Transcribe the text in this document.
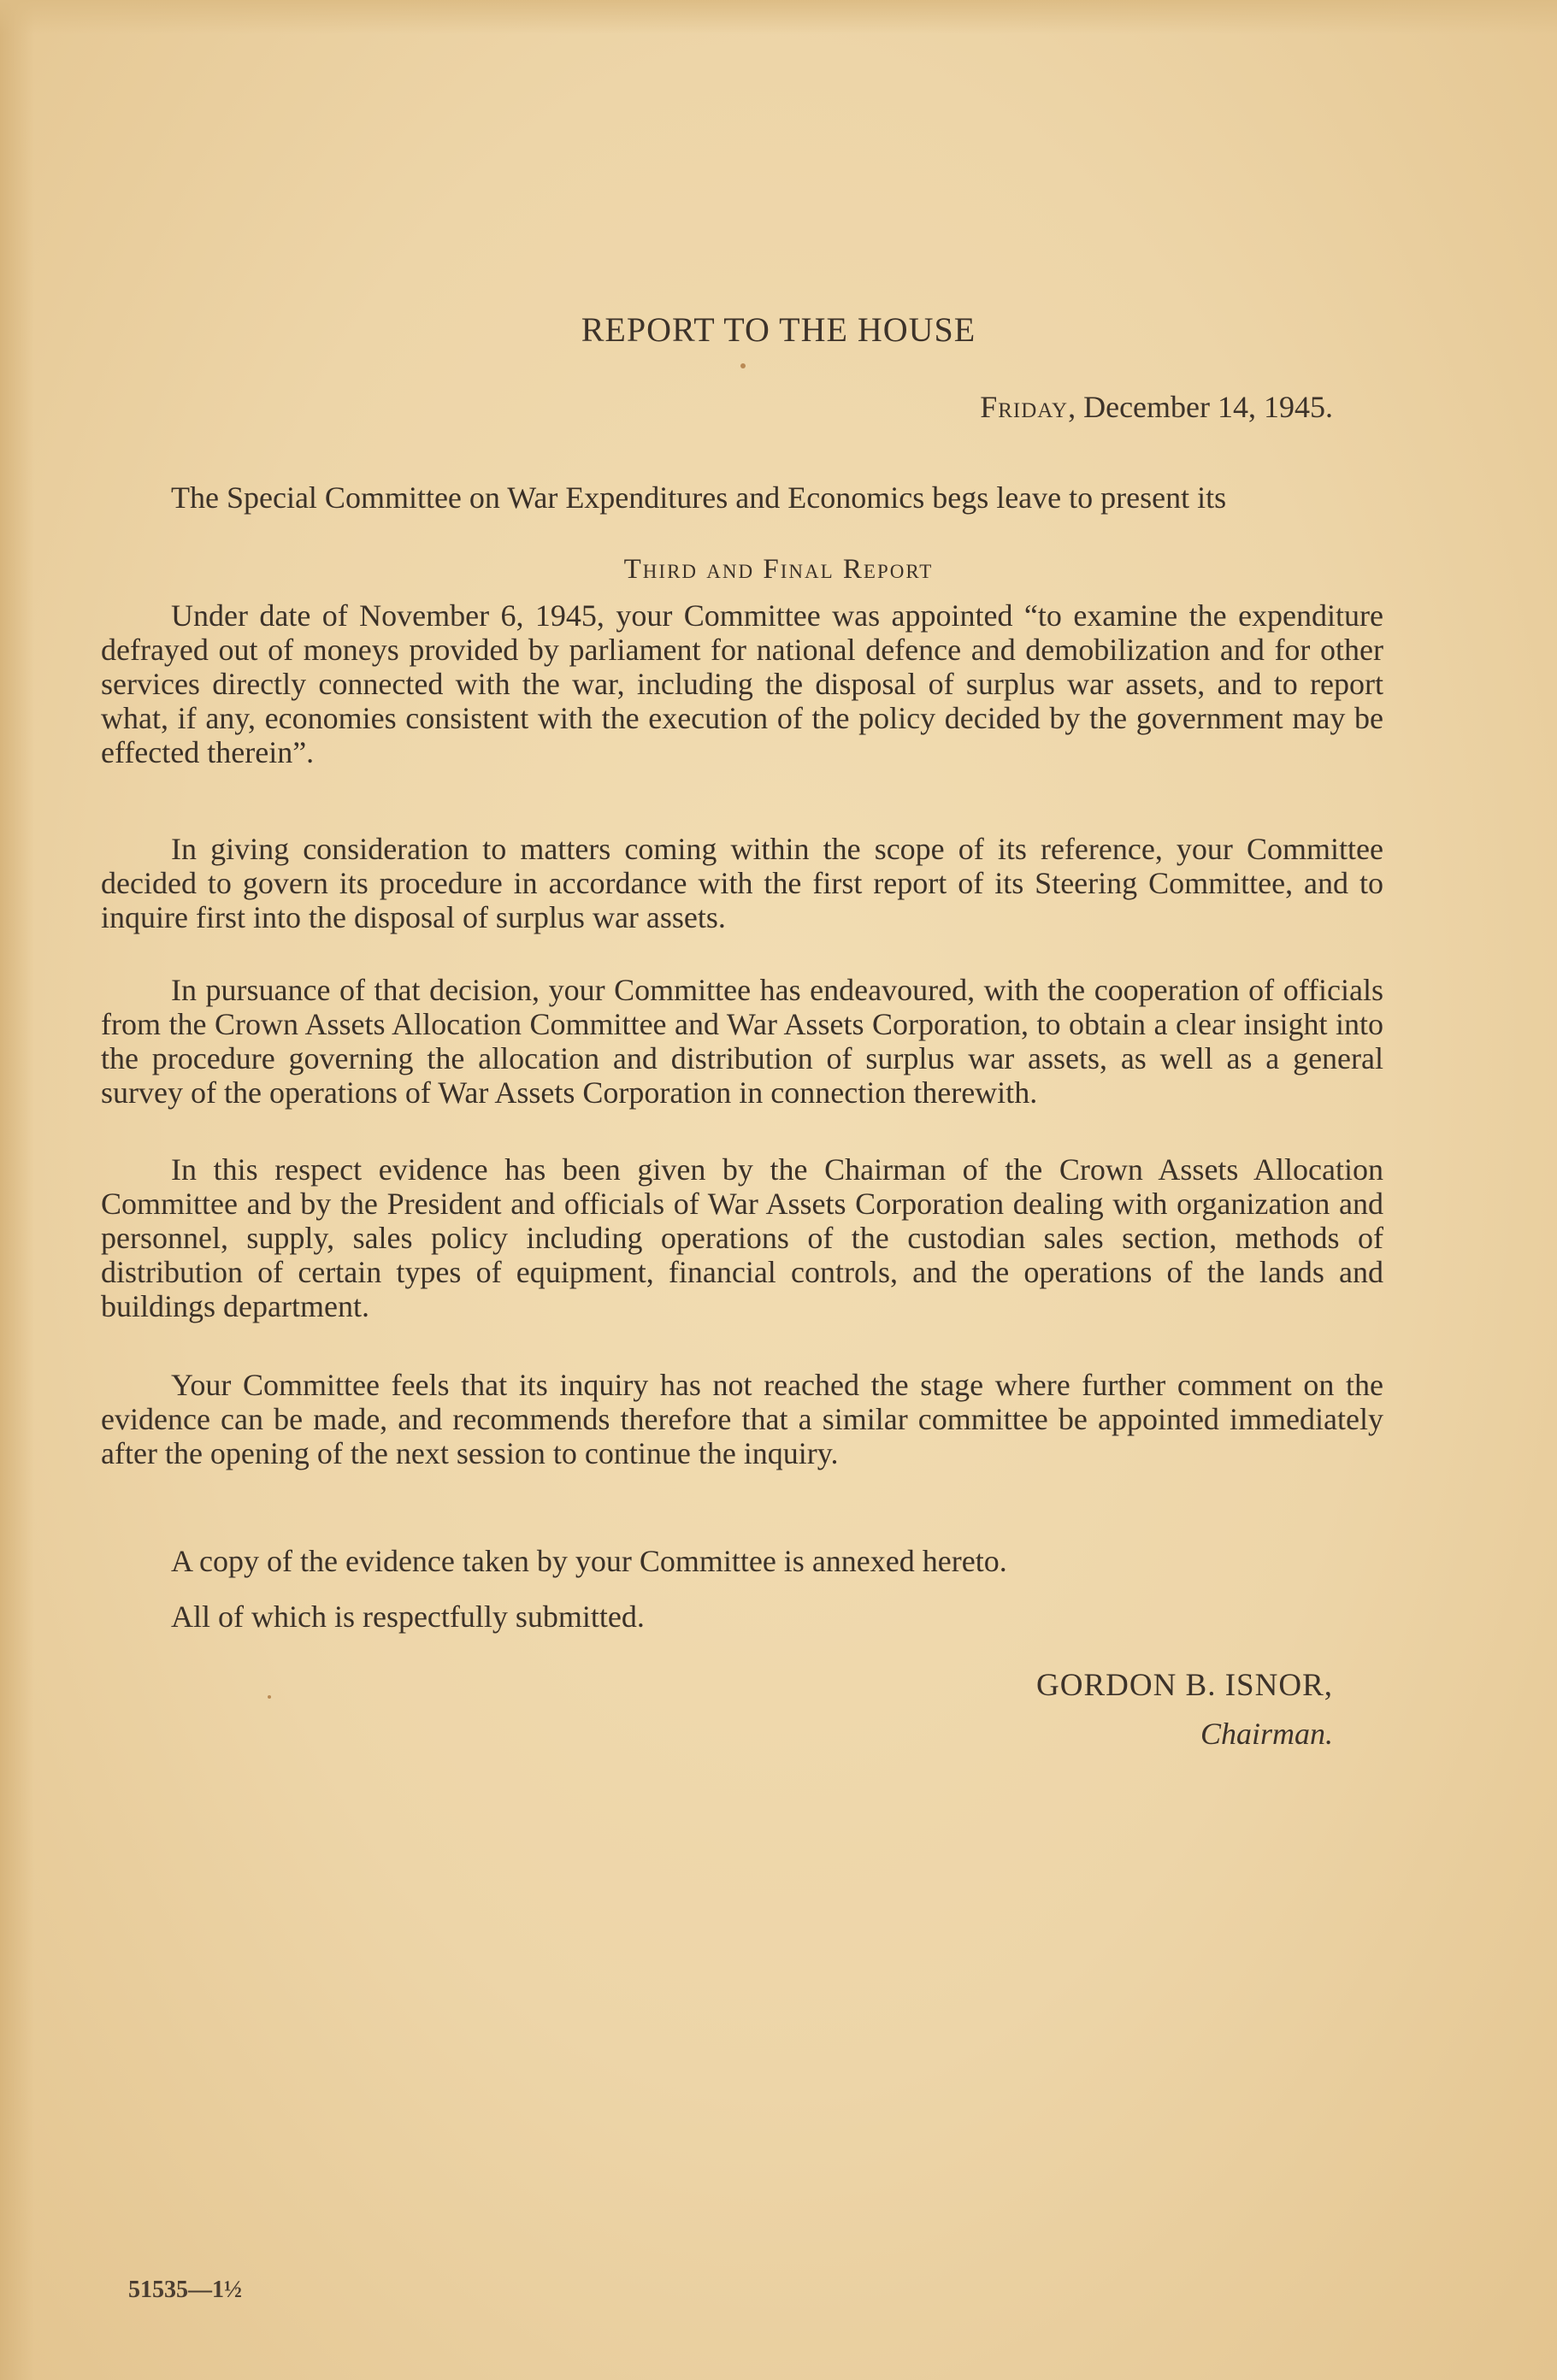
REPORT TO THE HOUSE

Friday, December 14, 1945.

The Special Committee on War Expenditures and Economics begs leave to present its

Third and Final Report

Under date of November 6, 1945, your Committee was appointed “to examine the expenditure defrayed out of moneys provided by parliament for national defence and demobilization and for other services directly connected with the war, including the disposal of surplus war assets, and to report what, if any, economies consistent with the execution of the policy decided by the government may be effected therein”.

In giving consideration to matters coming within the scope of its reference, your Committee decided to govern its procedure in accordance with the first report of its Steering Committee, and to inquire first into the disposal of surplus war assets.

In pursuance of that decision, your Committee has endeavoured, with the cooperation of officials from the Crown Assets Allocation Committee and War Assets Corporation, to obtain a clear insight into the procedure governing the allocation and distribution of surplus war assets, as well as a general survey of the operations of War Assets Corporation in connection therewith.

In this respect evidence has been given by the Chairman of the Crown Assets Allocation Committee and by the President and officials of War Assets Corporation dealing with organization and personnel, supply, sales policy including operations of the custodian sales section, methods of distribution of certain types of equipment, financial controls, and the operations of the lands and buildings department.

Your Committee feels that its inquiry has not reached the stage where further comment on the evidence can be made, and recommends therefore that a similar committee be appointed immediately after the opening of the next session to continue the inquiry.

A copy of the evidence taken by your Committee is annexed hereto.

All of which is respectfully submitted.

GORDON B. ISNOR,

Chairman.

51535—1½
